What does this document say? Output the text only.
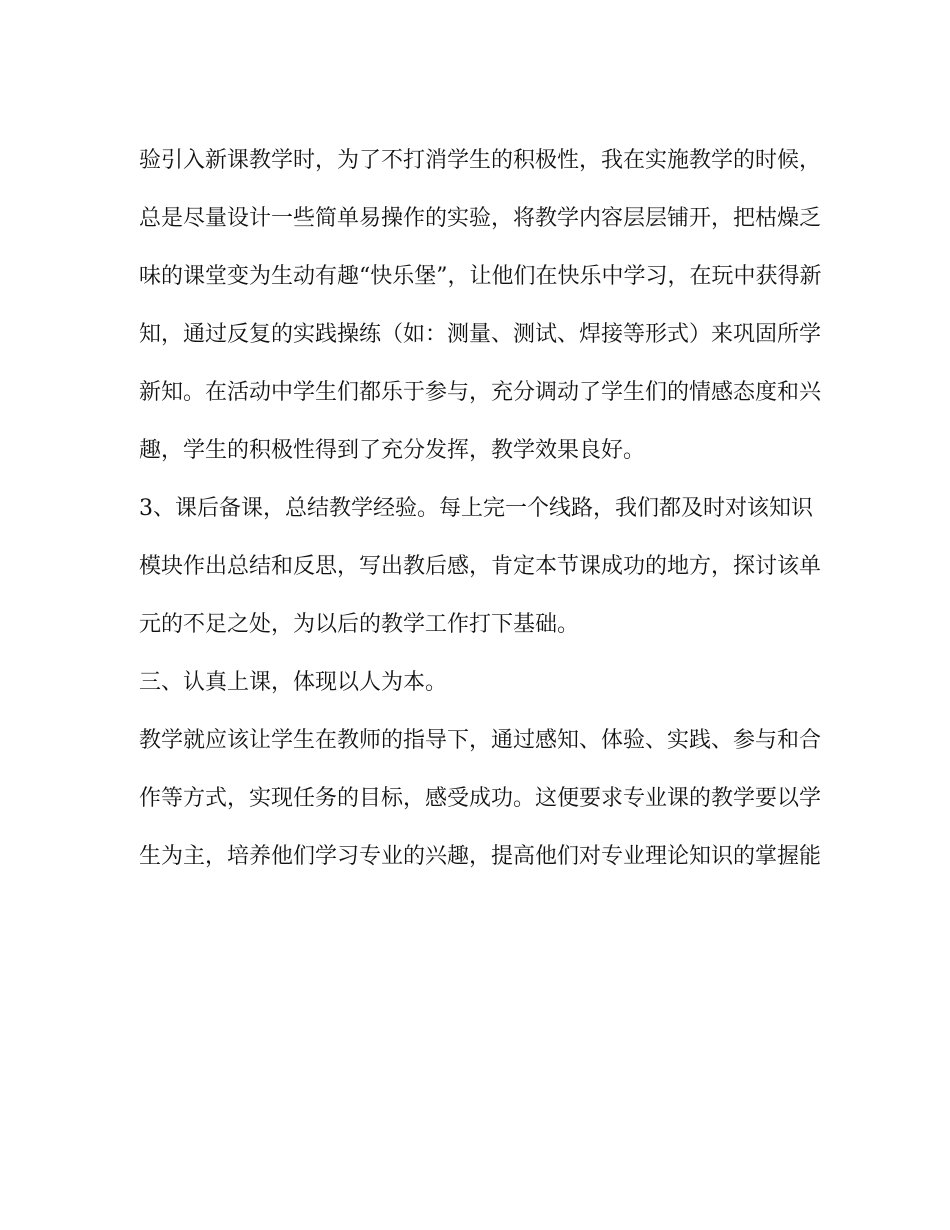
验引入新课教学时，为了不打消学生的积极性，我在实施教学的时候，

总是尽量设计一些简单易操作的实验，将教学内容层层铺开，把枯燥乏

味的课堂变为生动有趣“快乐堡”，让他们在快乐中学习，在玩中获得新

知，通过反复的实践操练（如：测量、测试、焊接等形式）来巩固所学

新知。在活动中学生们都乐于参与，充分调动了学生们的情感态度和兴

趣，学生的积极性得到了充分发挥，教学效果良好。

3、课后备课，总结教学经验。每上完一个线路，我们都及时对该知识

模块作出总结和反思，写出教后感，肯定本节课成功的地方，探讨该单

元的不足之处，为以后的教学工作打下基础。

三、认真上课，体现以人为本。

教学就应该让学生在教师的指导下，通过感知、体验、实践、参与和合

作等方式，实现任务的目标，感受成功。这便要求专业课的教学要以学

生为主，培养他们学习专业的兴趣，提高他们对专业理论知识的掌握能
